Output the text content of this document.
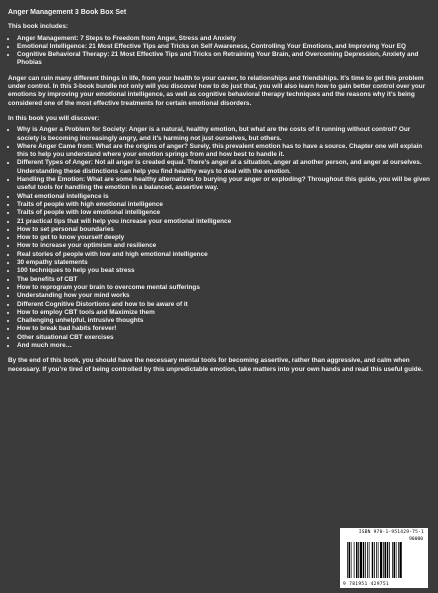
Anger Management 3 Book Box Set
This book includes:
• Anger Management: 7 Steps to Freedom from Anger, Stress and Anxiety
• Emotional Intelligence: 21 Most Effective Tips and Tricks on Self Awareness, Controlling Your Emotions, and Improving Your EQ
• Cognitive Behavioral Therapy: 21 Most Effective Tips and Tricks on Retraining Your Brain, and Overcoming Depression, Anxiety and Phobias

Anger can ruin many different things in life, from your health to your career, to relationships and friendships. It’s time to get this problem under control. In this 3-book bundle not only will you discover how to do just that, you will also learn how to gain better control over your emotions by improving your emotional intelligence, as well as cognitive behavioral therapy techniques and the reasons why it’s being considered one of the most effective treatments for certain emotional disorders.

In this book you will discover:
• Why is Anger a Problem for Society: Anger is a natural, healthy emotion, but what are the costs of it running without control? Our society is becoming increasingly angry, and it’s harming not just ourselves, but others.
• Where Anger Came from: What are the origins of anger? Surely, this prevalent emotion has to have a source. Chapter one will explain this to help you understand where your emotion springs from and how best to handle it.
• Different Types of Anger: Not all anger is created equal. There’s anger at a situation, anger at another person, and anger at ourselves. Understanding these distinctions can help you find healthy ways to deal with the emotion.
• Handling the Emotion: What are some healthy alternatives to burying your anger or exploding? Throughout this guide, you will be given useful tools for handling the emotion in a balanced, assertive way.
• What emotional intelligence is
• Traits of people with high emotional intelligence
• Traits of people with low emotional intelligence
• 21 practical tips that will help you increase your emotional intelligence
• How to set personal boundaries
• How to get to know yourself deeply
• How to increase your optimism and resilience
• Real stories of people with low and high emotional intelligence
• 30 empathy statements
• 100 techniques to help you beat stress
• The benefits of CBT
• How to reprogram your brain to overcome mental sufferings
• Understanding how your mind works
• Different Cognitive Distortions and how to be aware of it
• How to employ CBT tools and Maximize them
• Challenging unhelpful, intrusive thoughts
• How to break bad habits forever!
• Other situational CBT exercises
• And much more…

By the end of this book, you should have the necessary mental tools for becoming assertive, rather than aggressive, and calm when necessary. If you’re tired of being controlled by this unpredictable emotion, take matters into your own hands and read this useful guide.

ISBN 978-1-951429-75-1
90000
9 781951 429751
